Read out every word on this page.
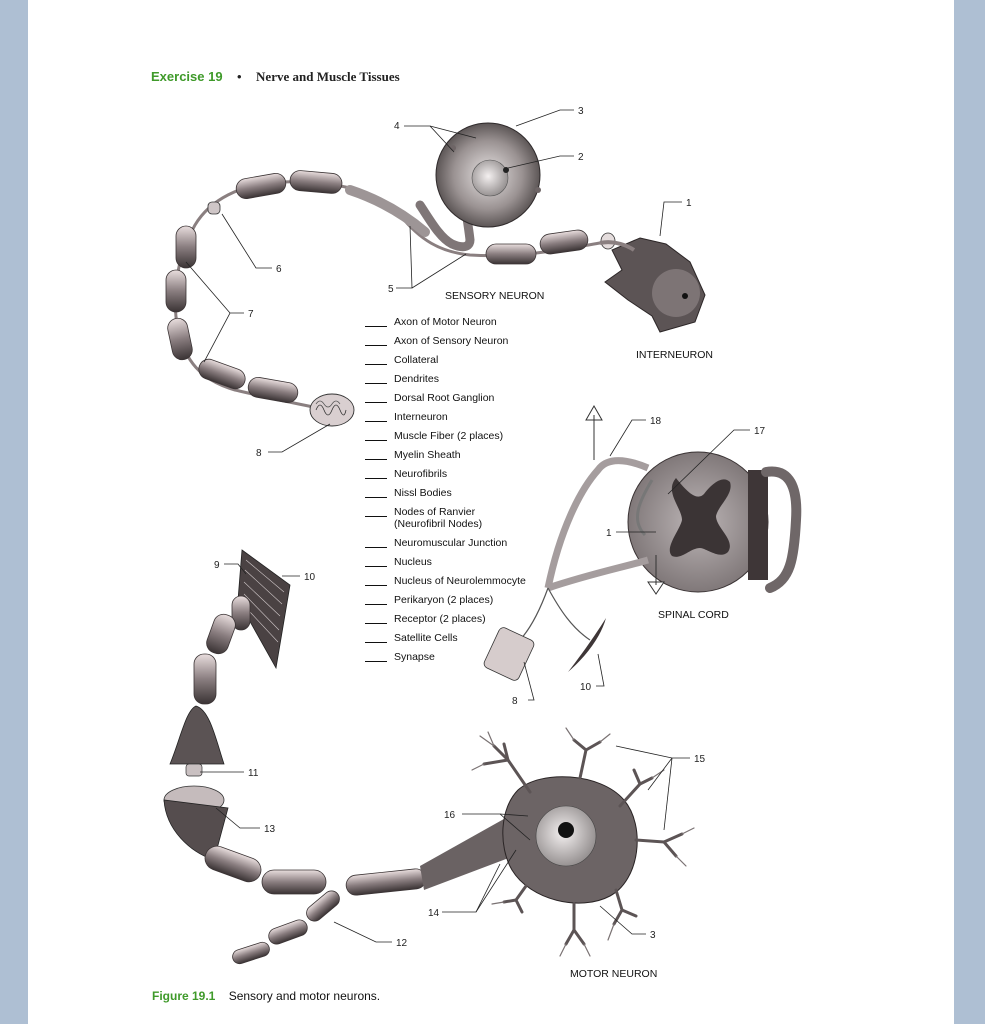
Exercise 19 • Nerve and Muscle Tissues
1
2
3
4
5
6
7
8
9
10
11
12
13
14
15
16
17
18
1
8
10
3
SENSORY NEURON
INTERNEURON
SPINAL CORD
MOTOR NEURON
Axon of Motor Neuron
Axon of Sensory Neuron
Collateral
Dendrites
Dorsal Root Ganglion
Interneuron
Muscle Fiber (2 places)
Myelin Sheath
Neurofibrils
Nissl Bodies
Nodes of Ranvier
(Neurofibril Nodes)
Neuromuscular Junction
Nucleus
Nucleus of Neurolemmocyte
Perikaryon (2 places)
Receptor (2 places)
Satellite Cells
Synapse
Figure 19.1 Sensory and motor neurons.
